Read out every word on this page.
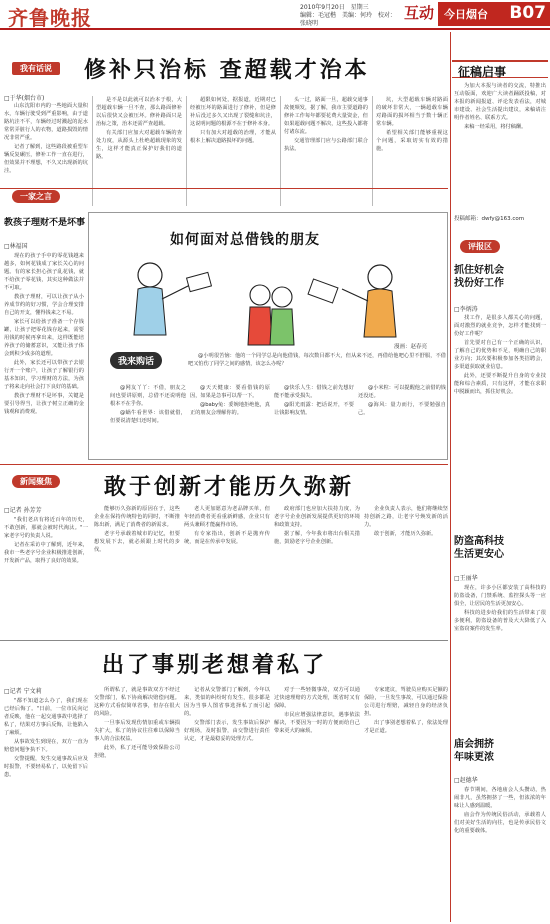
齐鲁晚报	2010年9月20日 星期三
编辑：毛冠楷 美编：何玲 校对：张晓明
互动 今日烟台 B07
我有话说	修补只治标 查超载才治本
□于华(烟台市)

山东沈阳市内的一些地面大量积水，车辆行驶受到严重影响，由于道路坑洼不平，车辆经过时溅起的泥水常常弄脏行人的衣物，道路损毁的情况非常严重。

记者了解到，这些路段被重型车辆反复碾压，修补工作一直在进行，但效果并不理想，不久又出现新的坑洼。

是不是以此就可以治本于根，大型超载车辆一旦不查，那么路面修补以后很快又会被压坏。修补路面只是治标之策，治本还需严查超载。

有关部门应加大对超载车辆的查处力度，从源头上杜绝超载现象的发生，这样才能真正保护好我们的道路。

超限如何处，据报道，近期对已经被压坏的路面进行了修补，但是修补后没过多久又出现了裂缝和坑洼，这说明问题的根源不在于修补本身。

只有加大对超载的治理，才能从根本上解决道路损坏的问题。

头一过，路面一旦，超载交通事故便频发，据了解，我市主要道路的修补工作每年都要花费大量资金，但如果超载问题不解决，这些投入都将付诸东流。

交通管理部门应与公路部门联合执法。

坑，大型超载车辆对路面的破坏非常大，一辆超载车辆对路面的损坏相当于数十辆正常车辆。

希望相关部门能够重视这个问题，采取切实有效的措施。

征稿启事

为加大本报与读者的交流，特推出互动版面，欢迎广大读者踊跃投稿，对本报的新闻报道、评论发表看法，对城市建设、社会生活提出建议，来稿请注明作者姓名、联系方式。

来稿一经采用，将付稿酬。

投稿邮箱：dwfy@163.com
评报区
抓住好机会
找份好工作
□李炳涛

找工作，是很多人都关心的问题，面对激烈的就业竞争，怎样才能找到一份好工作呢？

首先要对自己有一个正确的认识，了解自己的优势和不足，明确自己的职业方向；其次要积极参加各类招聘会，多渠道获取就业信息。

此外，还要不断提升自身的专业技能和综合素质，只有这样，才能在求职中脱颖而出，抓住好机会。

防盗高科技
生活更安心
□王丽华

现在，许多小区都安装了高科技的防盗设备，门禁系统、监控探头等一应俱全，让居民的生活更加安心。

科技的进步给我们的生活带来了很多便利，防盗设备的普及大大降低了入室盗窃案件的发生率。

庙会拥挤
年味更浓
□赵德华

春节期间，各地庙会人头攒动，热闹非凡，虽然拥挤了一些，但浓浓的年味让人感到温暖。

庙会作为传统民俗活动，承载着人们对美好生活的向往，也是传承民俗文化的重要载体。

一家之言
教孩子理财不是坏事
□林福国

现在的孩子手中的零花钱越来越多，如何花钱成了家长关心的问题。有的家长担心孩子乱花钱，就不给孩子零花钱，其实这种做法并不可取。

教孩子理财，可以让孩子从小养成节约的好习惯，学会合理安排自己的开支，懂得钱来之不易。

家长可以给孩子准备一个存钱罐，让孩子把零花钱存起来，需要用钱的时候再拿出来，这样既能培养孩子的储蓄意识，又能让孩子体会到积少成多的道理。

此外，家长还可以带孩子去银行开一个账户，让孩子了解银行的基本知识，学习理财的方法，为孩子将来走向社会打下良好的基础。

教孩子理财不是坏事，关键是要引导得当，让孩子树立正确的金钱观和消费观。

如何面对总借钱的朋友
漫画：赵春亮
我来购话

@小明很苦恼：他的一个同学总是向他借钱，每次数目都不大，但从来不还，再借给他吧心里不舒服，不借吧又怕伤了同学之间的感情，该怎么办呢？

@网友丫丫：不借，朋友之间也要讲原则，总借不还说明他根本不在乎你。

@蜗牛看世界：该借就借，但要说清楚归还时间。

@天天健康：要看借钱的原因，如果是急事可以帮一下。

@baby兔：委婉地拒绝他，真正的朋友会理解你的。

@快乐人生：借钱之前先想好能不能承受损失。

@阳光雨露：把话说开，不要让钱影响友情。

@小米粒：可以提醒他之前借的钱还没还。

@海风：量力而行，不要勉强自己。

新闻聚焦	敢于创新才能历久弥新
□记者 孙芳芳

"我们老店有将近百年的历史，不敢创新，那就会被时代淘汰。"一家老字号的负责人说。

记者在采访中了解到，近年来，我市一些老字号企业积极推进创新，开发新产品，取得了良好的效果。

能够历久弥新的原因在于，这些企业在保持传统特色的同时，不断推陈出新，满足了消费者的新需求。

老字号承载着城市的记忆，但要想发展下去，就必须跟上时代的步伐。

老人更加愿意为老品牌买单，但年轻消费者更看重新鲜感，企业只有两头兼顾才能赢得市场。

有专家指出，创新不是抛弃传统，而是在传承中发展。

政府部门也应加大扶持力度，为老字号企业创新发展提供更好的环境和政策支持。

据了解，今年我市将出台相关措施，鼓励老字号企业创新。

企业负责人表示，他们将继续坚持创新之路，让老字号焕发新的活力。

敢于创新，才能历久弥新。

出了事别老想着私了
□记者 宁文莉

"都不知道怎么办了，我们现在已经后悔了。"日前，一位市民向记者反映，他在一起交通事故中选择了私了，结果对方事后反悔，让他陷入了麻烦。

从事故发生到现在，双方一直为赔偿问题争执不下。

交警提醒，发生交通事故后应及时报警，不要轻易私了，以免留下后患。

所谓私了，就是事故双方不经过交警部门，私下协商解决赔偿问题。这种方式看似简单省事，但存在很大的风险。

一旦事后发现伤情加重或车辆损失扩大，私了的协议往往难以保障当事人的合法权益。

此外，私了还可能导致保险公司拒赔。

记者从交警部门了解到，今年以来，类似的纠纷时有发生，很多都是因为当事人图省事选择私了而引起的。

交警部门表示，发生事故后保护好现场，及时报警，由交警进行责任认定，才是最稳妥的处理方式。

对于一些轻微事故，双方可以通过快速理赔的方式处理，既省时又有保障。

市民应增强法律意识，遇事依法解决，不要因为一时的方便而给自己带来更大的麻烦。

专家建议，驾驶员应购买足额的保险，一旦发生事故，可以通过保险公司进行理赔，减轻自身的经济负担。

出了事别老想着私了，依法处理才是正道。
